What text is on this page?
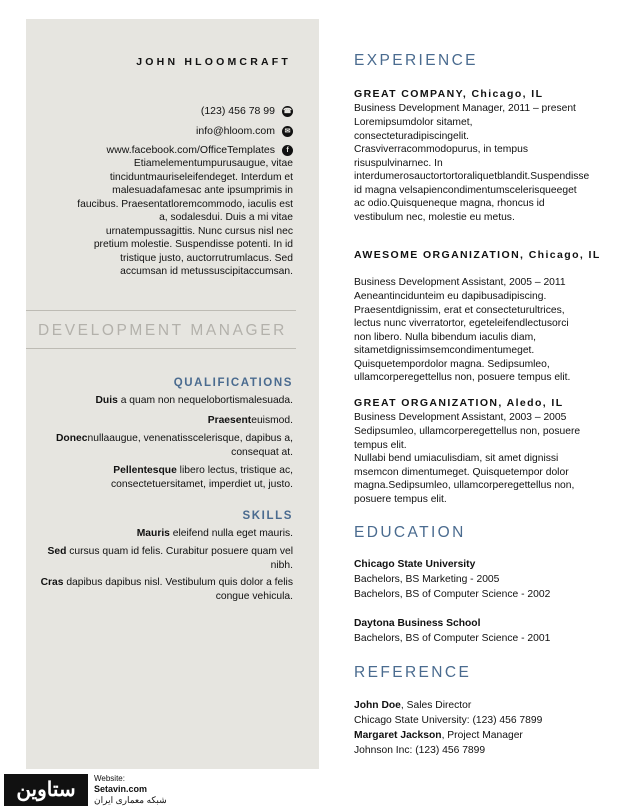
JOHN HLOOMCRAFT
(123) 456 78 99 ☎
info@hloom.com	✉
www.facebook.com/OfficeTemplates	f
Etiamelementumpurusaugue, vitae tinciduntmauriseleifendeget. Interdum et malesuadafamesac ante ipsumprimis in faucibus. Praesentatloremcommodo, iaculis est a, sodalesdui. Duis a mi vitae urnatempussagittis. Nunc cursus nisl nec pretium molestie. Suspendisse potenti. In id tristique justo, auctorrutrumlacus. Sed accumsan id metussuscipitaccumsan.
DEVELOPMENT MANAGER
QUALIFICATIONS
Duis a quam non nequelobortismalesuada.
Praesenteuismod.
Donecnullaaugue, venenatisscelerisque, dapibus a, consequat at.
Pellentesque libero lectus, tristique ac, consectetuersitamet, imperdiet ut, justo.
SKILLS
Mauris eleifend nulla eget mauris.
Sed cursus quam id felis. Curabitur posuere quam vel nibh.
Cras dapibus dapibus nisl. Vestibulum quis dolor a felis congue vehicula.
EXPERIENCE
GREAT COMPANY, Chicago, IL
Business Development Manager, 2011 – present
Loremipsumdolor sitamet, consecteturadipiscingelit. Crasviverracommodopurus, in tempus risuspulvinarnec. In interdumerosauctortortoraliquetblandit.Suspendisse id magna velsapiencondimentumscelerisqueeget ac odio.Quisqueneque magna, rhoncus id vestibulum nec, molestie eu metus.
AWESOME ORGANIZATION, Chicago, IL
Business Development Assistant, 2005 – 2011
Aeneantincidunteim eu dapibusadipiscing. Praesentdignissim, erat et consecteturultrices, lectus nunc viverratortor, egeteleifendlectusorci non libero. Nulla bibendum iaculis diam, sitametdignissimsemcondimentumeget. Quisquetempordolor magna. Sedipsumleo, ullamcorperegettellus non, posuere tempus elit.
GREAT ORGANIZATION, Aledo, IL
Business Development Assistant, 2003 – 2005
Sedipsumleo, ullamcorperegettellus non, posuere tempus elit.
Nullabi bend umiaculisdiam, sit amet dignissi msemcon dimentumeget. Quisquetempor dolor magna.Sedipsumleo, ullamcorperegettellus non, posuere tempus elit.
EDUCATION
Chicago State University
Bachelors, BS Marketing - 2005
Bachelors, BS of Computer Science - 2002
Daytona Business School
Bachelors, BS of Computer Science - 2001
REFERENCE
John Doe, Sales Director
Chicago State University: (123) 456 7899
Margaret Jackson, Project Manager
Johnson Inc: (123) 456 7899
ستاوین
Website:
Setavin.com
شبکه معماری ایران
